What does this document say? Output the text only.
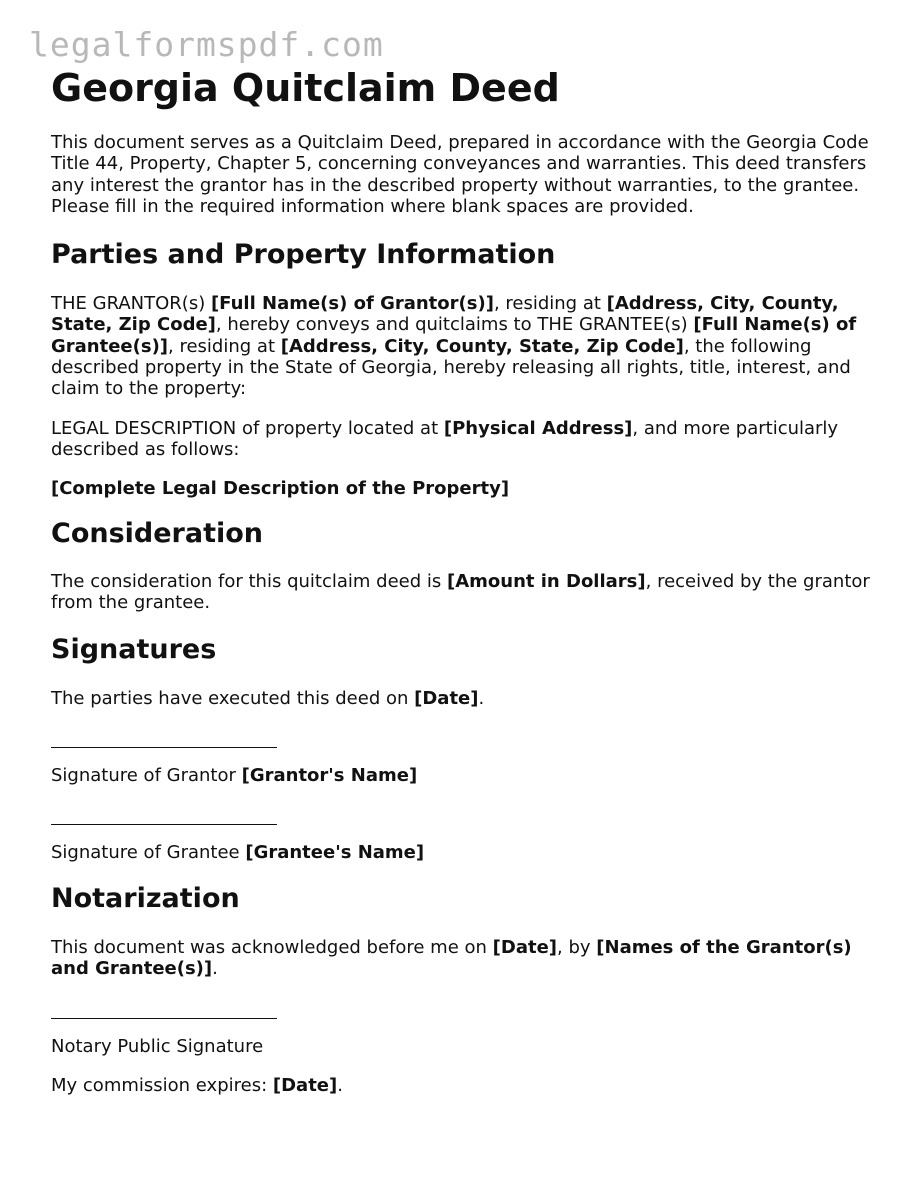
legalformspdf.com
Georgia Quitclaim Deed

This document serves as a Quitclaim Deed, prepared in accordance with the Georgia Code Title 44, Property, Chapter 5, concerning conveyances and warranties. This deed transfers any interest the grantor has in the described property without warranties, to the grantee. Please fill in the required information where blank spaces are provided.

Parties and Property Information

THE GRANTOR(s) [Full Name(s) of Grantor(s)], residing at [Address, City, County, State, Zip Code], hereby conveys and quitclaims to THE GRANTEE(s) [Full Name(s) of Grantee(s)], residing at [Address, City, County, State, Zip Code], the following described property in the State of Georgia, hereby releasing all rights, title, interest, and claim to the property:

LEGAL DESCRIPTION of property located at [Physical Address], and more particularly described as follows:

[Complete Legal Description of the Property]

Consideration

The consideration for this quitclaim deed is [Amount in Dollars], received by the grantor from the grantee.

Signatures

The parties have executed this deed on [Date].

Signature of Grantor [Grantor's Name]

Signature of Grantee [Grantee's Name]

Notarization

This document was acknowledged before me on [Date], by [Names of the Grantor(s) and Grantee(s)].

Notary Public Signature

My commission expires: [Date].
